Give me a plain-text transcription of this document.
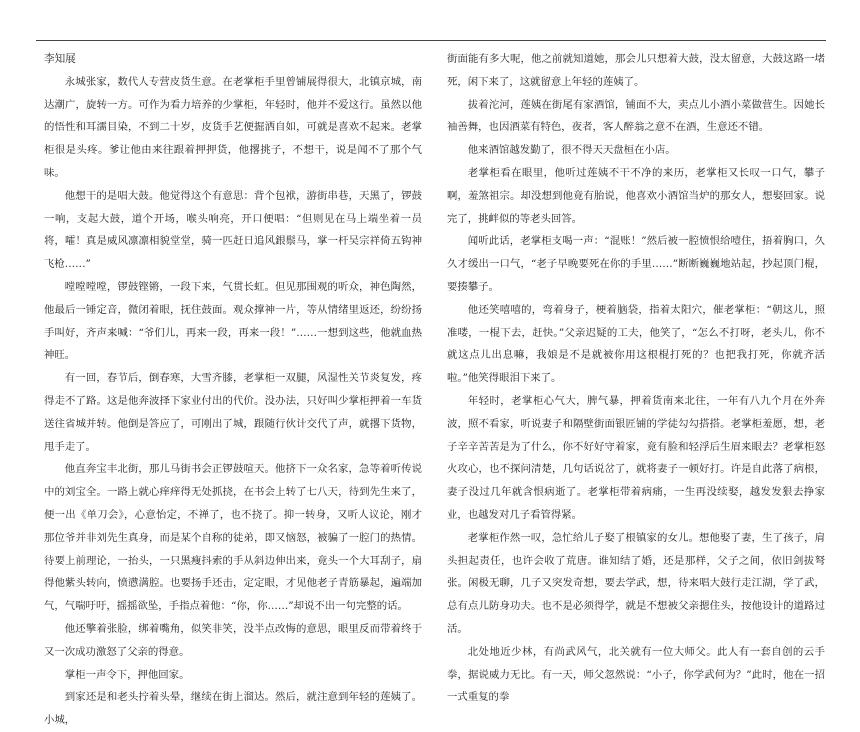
李知展

永城张家，数代人专营皮货生意。在老掌柜手里曾铺展得很大，北镇京城，南达潮广，旋转一方。可作为看力培养的少掌柜，年轻时，他并不爱这行。虽然以他的悟性和耳濡目染，不到二十岁，皮货手艺便掘洒自如，可就是喜欢不起来。老掌柜很是头疼。爹让他由来往跟着押押货，他撂挑子，不想干，说是闻不了那个气味。

他想干的是唱大鼓。他觉得这个有意思：背个包袱，游街串巷，天黑了，锣鼓一响，支起大鼓，道个开场，喉头响亮，开口便唱：“但则见在马上端坐着一员将，嚯！真是威风凛凛相貌堂堂，骑一匹赶日追风銀鬃马，掌一杆吴宗祥倚五钩神飞枪……”

嘡嘡嘡嘡，锣鼓铿锵，一段下来，气贯长虹。但见那围观的听众，神色陶然，他最后一锤定音，微闭着眼，抚住鼓面。观众撑神一片，等从情绪里返还，纷纷扬手叫好，齐声来喊：“爷们儿，再来一段，再来一段！”……一想到这些，他就血热神旺。

有一回，春节后，倒春寒，大雪齐膝，老掌柜一双腿，风湿性关节炎复发，疼得走不了路。这是他奔波择下家业付出的代价。没办法，只好叫少掌柜押着一车货送往省城并转。他倒是答应了，可刚出了城，跟随行伙计交代了声，就撂下货物，甩手走了。

他直奔宝丰北街，那儿马街书会正锣鼓喧天。他挤下一众名家，急等着听传说中的刘宝全。一路上就心痒痒得无处抓挠，在书会上转了七八天，待到先生来了，便一出《单刀会》，心意怡定，不禅了，也不挠了。抑一转身，又听人议论，刚才那位爷并非刘先生真身，而是某个自称的徒弟，即又恼怒，被骗了一腔门的热情。待要上前理论，一抬头，一只黑瘦抖索的手从斜边伸出来，竟头一个大耳刮子，扇得他紫头转向，愤懑满腔。也要扬手还击，定定眼，才见他老子青筋暴起，遍端加气，气喘吁吁，摇摇欲坠，手指点着他：“你，你……”却说不出一句完整的话。

他还擎着张脸，绑着嘴角，似笑非笑，没半点改悔的意思，眼里反而带着终于又一次成功激怒了父亲的得意。

掌柜一声令下，押他回家。

到家还是和老头拧着头晕，继续在街上溜达。然后，就注意到年轻的莲姨了。小城，

街面能有多大呢，他之前就知道她，那会儿只想着大鼓，没太留意，大鼓这路一堵死，闲下来了，这就留意上年轻的莲姨了。

拔着沱河，莲姨在街尾有家酒馆，铺面不大，卖点儿小酒小菜做营生。因她长袖善舞，也因酒菜有特色，夜者，客人醉翁之意不在酒，生意还不错。

他来酒馆越发勤了，很不得天天盘桓在小店。

老掌柜看在眼里，他听过莲姨不干不净的来历，老掌柜又长叹一口气，攀子啊，羞煞祖宗。却没想到他竟有胎说，他喜欢小酒馆当炉的那女人，想娶回家。说完了，挑衅似的等老头回答。

闻听此话，老掌柜支喝一声：“混账！”然后被一腔愤恨给噎住，捂着胸口，久久才缓出一口气，“老子早晚要死在你的手里……”断断巍巍地站起，抄起顶门棍，要揍攀子。

他还笑嘻嘻的，弯着身子，梗着脑袋，指着太阳穴，催老掌柜：“朝这儿，照准喽，一棍下去，赶快。”父亲迟疑的工夫，他笑了，“怎么不打呀，老头儿，你不就这点儿出息嘛，我娘是不是就被你用这根棍打死的？也把我打死，你就齐活啦。”他笑得眼泪下来了。

年轻时，老掌柜心气大，脾气暴，押着货南来北往，一年有八九个月在外奔波，照不看家，听说妻子和隔壁街面银匠铺的学徒勾勾搭搭。老掌柜羞愿，想，老子辛辛苦苦是为了什么，你不好好守着家，竟有脸和轻浮后生眉来眼去？老掌柜怒火攻心，也不探问清楚，几句话说岔了，就将妻子一顿好打。许是自此落了病根，妻子没过几年就含恨病逝了。老掌柜带着病痛，一生再没续娶，越发发狠去挣家业，也越发对几子看管得紧。

老掌柜作然一叹，急忙给儿子娶了根镇家的女儿。想他娶了妻，生了孩子，肩头担起责任，也许会收了荒唐。谁知结了婚，还是那样，父子之间，依旧剑拔弩张。闲极无聊，几子又突发奇想，要去学武，想，待来唱大鼓行走江湖，学了武，总有点儿防身功夫。也不是必须得学，就是不想被父亲摁住头，按他设计的道路过活。

北处地近少林，有尚武风气，北关就有一位大师父。此人有一套自创的云手拳，据说威力无比。有一天，师父忽然说：“小子，你学武何为？”此时，他在一招一式重复的拳
